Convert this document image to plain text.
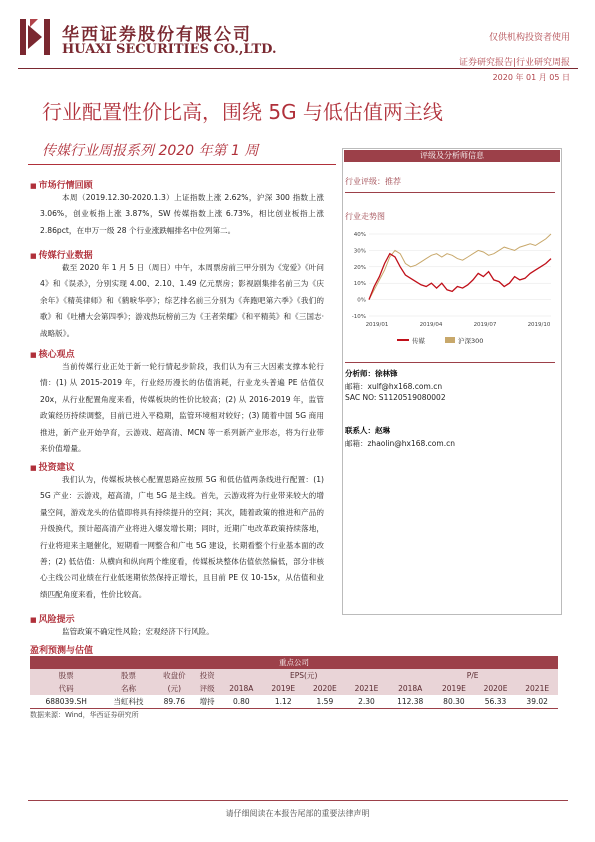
华西证券股份有限公司
HUAXI SECURITIES CO.,LTD.
仅供机构投资者使用
证券研究报告|行业研究周报
2020 年 01 月 05 日
行业配置性价比高，围绕 5G 与低估值两主线
传媒行业周报系列 2020 年第 1 周	评级及分析师信息
行业评级：推荐
行业走势图
40%
30%
20%
10%
0%
-10%
2019/01	2019/04	2019/07	2019/10
传媒	沪深300
分析师：徐林锋
邮箱：xulf@hx168.com.cn
SAC NO: S1120519080002
联系人：赵琳
邮箱：zhaolin@hx168.com.cn
■ 市场行情回顾
本周（2019.12.30-2020.1.3）上证指数上涨 2.62%，沪深 300 指数上涨 3.06%，创业板指上涨 3.87%，SW 传媒指数上涨 6.73%，相比创业板指上涨 2.86pct，在申万一级 28 个行业涨跌幅排名中位列第二。
■ 传媒行业数据
截至 2020 年 1 月 5 日（周日）中午，本周票房前三甲分别为《宠爱》《叶问4》和《误杀》，分别实现 4.00、2.10、1.49 亿元票房；影视剧集排名前三为《庆余年》《精英律师》和《鹤唳华亭》；综艺排名前三分别为《奔跑吧第六季》《我们的歌》和《吐槽大会第四季》；游戏热玩榜前三为《王者荣耀》《和平精英》和《三国志·战略版》。
■ 核心观点
当前传媒行业正处于新一轮行情起步阶段，我们认为有三大因素支撑本轮行情：(1) 从 2015-2019 年，行业经历漫长的估值消耗，行业龙头普遍 PE 估值仅 20x，从行业配置角度来看，传媒板块的性价比较高；(2) 从 2016-2019 年，监管政策经历持续调整，目前已进入平稳期，监管环境相对较好；(3) 随着中国 5G 商用推进，新产业开始孕育，云游戏、超高清、MCN 等一系列新产业形态，将为行业带来价值增量。
■ 投资建议
我们认为，传媒板块核心配置思路应按照 5G 和低估值两条线进行配置：(1) 5G 产业：云游戏，超高清，广电 5G 是主线。首先，云游戏将为行业带来较大的增量空间，游戏龙头的估值即将具有持续提升的空间；其次，随着政策的推进和产品的升级换代，预计超高清产业将进入爆发增长期；同时，近期广电改革政策持续落地，行业将迎来主题催化，短期看一网整合和广电 5G 建设，长期看整个行业基本面的改善；(2) 低估值：从横向和纵向两个维度看，传媒板块整体估值依然偏低，部分非核心主线公司业绩在行业低迷期依然保持正增长，且目前 PE 仅 10-15x，从估值和业绩匹配角度来看，性价比较高。
■ 风险提示
监管政策不确定性风险；宏观经济下行风险。
盈利预测与估值
重点公司											
股票	股票	收盘价	投资	EPS(元)				P/E			
代码	名称	(元)	评级	2018A	2019E	2020E	2021E	2018A	2019E	2020E	2021E
688039.SH	当虹科技	89.76	增持	0.80	1.12	1.59	2.30	112.38	80.30	56.33	39.02
数据来源：Wind，华西证券研究所
请仔细阅读在本报告尾部的重要法律声明
